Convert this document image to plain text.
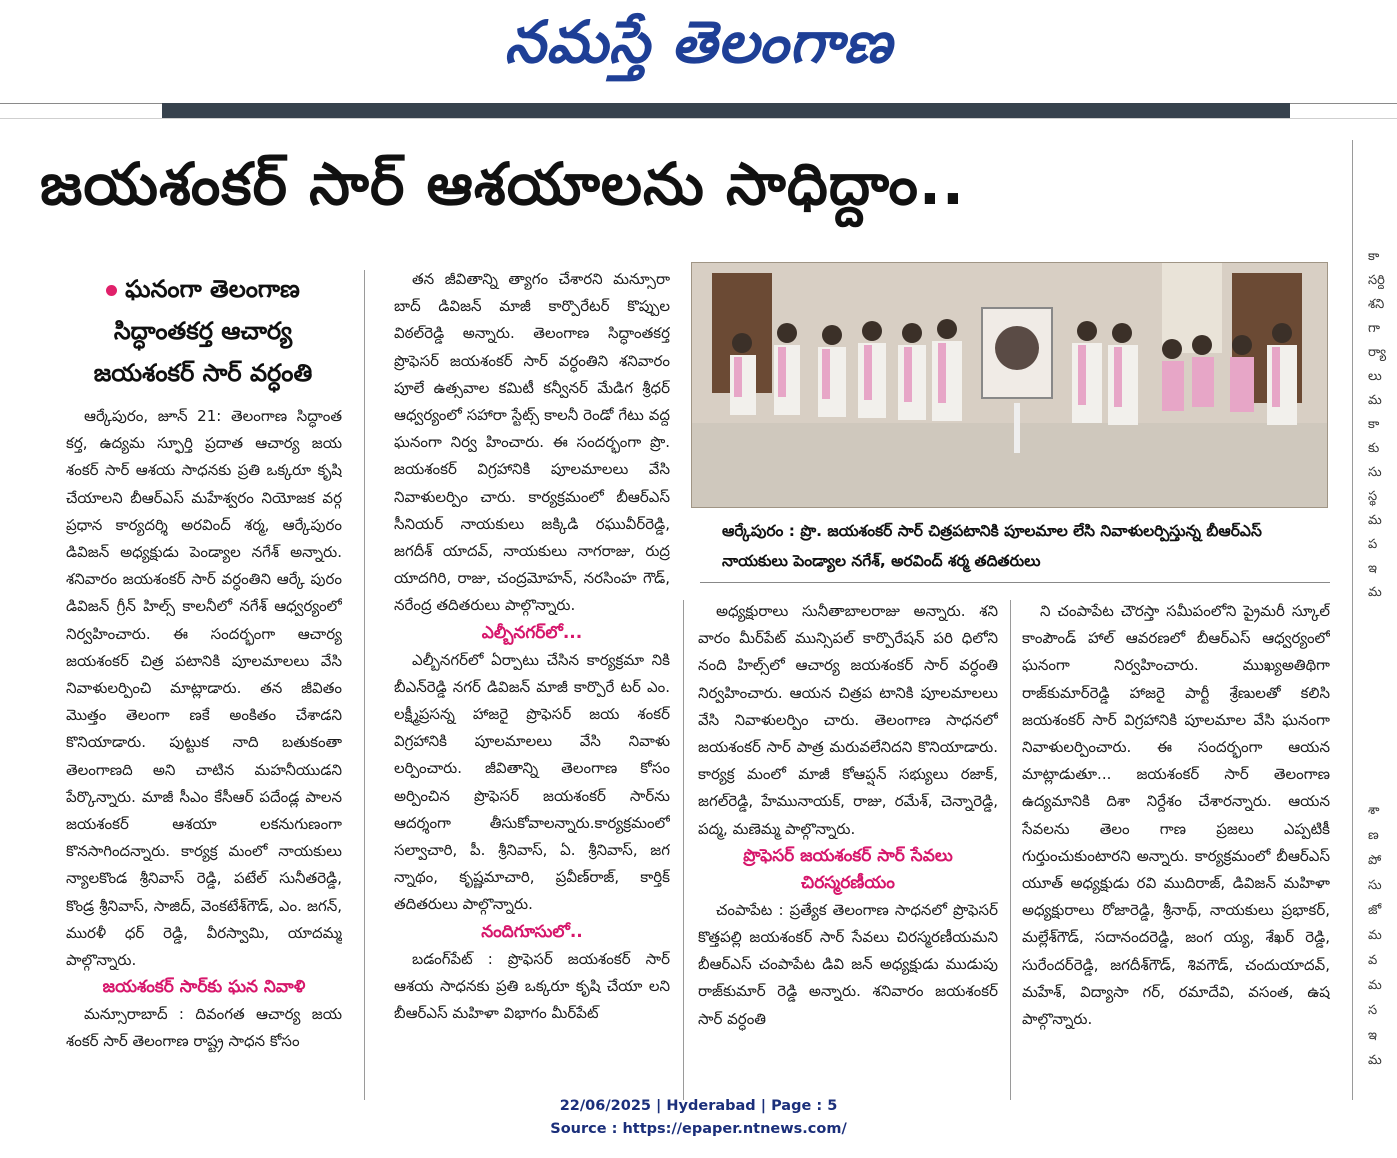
నమస్తే తెలంగాణ
జయశంకర్ సార్ ఆశయాలను సాధిద్దాం..
ఘనంగా తెలంగాణ
సిద్ధాంతకర్త ఆచార్య
జయశంకర్ సార్ వర్ధంతి

ఆర్కేపురం, జూన్ 21: తెలంగాణ సిద్ధాంత కర్త, ఉద్యమ స్ఫూర్తి ప్రదాత ఆచార్య జయ శంకర్ సార్ ఆశయ సాధనకు ప్రతి ఒక్కరూ కృషి చేయాలని బీఆర్ఎస్ మహేశ్వరం నియోజక వర్గ ప్రధాన కార్యదర్శి అరవింద్ శర్మ, ఆర్కేపురం డివిజన్ అధ్యక్షుడు పెండ్యాల నగేశ్ అన్నారు. శనివారం జయశంకర్ సార్ వర్ధంతిని ఆర్కే పురం డివిజన్ గ్రీన్ హిల్స్ కాలనీలో నగేశ్ ఆధ్వర్యంలో నిర్వహించారు. ఈ సందర్భంగా ఆచార్య జయశంకర్ చిత్ర పటానికి పూలమాలలు వేసి నివాళులర్పించి మాట్లాడారు. తన జీవితం మొత్తం తెలంగా ణకే అంకితం చేశాడని కొనియాడారు. పుట్టుక నాది బతుకంతా తెలంగాణది అని చాటిన మహనీయుడని పేర్కొన్నారు. మాజీ సీఎం కేసీఆర్ పదేండ్ల పాలన జయశంకర్ ఆశయా లకనుగుణంగా కొనసాగిందన్నారు. కార్యక్ర మంలో నాయకులు న్యాలకొండ శ్రీనివాస్ రెడ్డి, పటేల్ సునీతరెడ్డి, కొండ్ర శ్రీనివాస్, సాజిద్, వెంకటేశ్‌గౌడ్, ఎం. జగన్, మురళీ ధర్ రెడ్డి, వీరస్వామి, యాదమ్మ పాల్గొన్నారు.

జయశంకర్ సార్‌కు ఘన నివాళి

మన్సూరాబాద్ : దివంగత ఆచార్య జయ శంకర్ సార్ తెలంగాణ రాష్ట్ర సాధన కోసం

తన జీవితాన్ని త్యాగం చేశారని మన్సూరా బాద్ డివిజన్ మాజీ కార్పొరేటర్ కొప్పుల విఠల్‌రెడ్డి అన్నారు. తెలంగాణ సిద్ధాంతకర్త ప్రొఫెసర్ జయశంకర్ సార్ వర్ధంతిని శనివారం పూలే ఉత్సవాల కమిటీ కన్వీనర్ మేడిగ శ్రీధర్ ఆధ్వర్యంలో సహారా స్టేట్స్ కాలనీ రెండో గేటు వద్ద ఘనంగా నిర్వ హించారు. ఈ సందర్భంగా ప్రొ. జయశంకర్ విగ్రహానికి పూలమాలలు వేసి నివాళులర్పిం చారు. కార్యక్రమంలో బీఆర్ఎస్ సీనియర్ నాయకులు జక్కిడి రఘువీర్‌రెడ్డి, జగదీశ్ యాదవ్, నాయకులు నాగరాజు, రుద్ర యాదగిరి, రాజు, చంద్రమోహన్, నరసింహ గౌడ్, నరేంద్ర తదితరులు పాల్గొన్నారు.

ఎల్బీనగర్‌లో...

ఎల్బీనగర్‌లో ఏర్పాటు చేసిన కార్యక్రమా నికి బీఎన్‌రెడ్డి నగర్ డివిజన్ మాజీ కార్పొరే టర్ ఎం. లక్ష్మీప్రసన్న హాజరై ప్రొఫెసర్ జయ శంకర్ విగ్రహానికి పూలమాలలు వేసి నివాళు లర్పించారు. జీవితాన్ని తెలంగాణ కోసం అర్పించిన ప్రొఫెసర్ జయశంకర్ సార్‌ను ఆదర్శంగా తీసుకోవాలన్నారు.కార్యక్రమంలో సల్వాచారి, పీ. శ్రీనివాస్, ఏ. శ్రీనివాస్, జగ న్నాథం, కృష్ణమాచారి, ప్రవీణ్‌రాజ్, కార్తిక్ తదితరులు పాల్గొన్నారు.

నందిగూసులో..

బడంగ్‌పేట్ : ప్రొఫెసర్ జయశంకర్ సార్ ఆశయ సాధనకు ప్రతి ఒక్కరూ కృషి చేయా లని బీఆర్ఎస్ మహిళా విభాగం మీర్‌పేట్

ఆర్కేపురం : ప్రొ. జయశంకర్ సార్ చిత్రపటానికి పూలమాల లేసి నివాళులర్పిస్తున్న బీఆర్ఎస్ నాయకులు పెండ్యాల నగేశ్, అరవింద్ శర్మ తదితరులు

అధ్యక్షురాలు సునీతాబాలరాజు అన్నారు. శని వారం మీర్‌పేట్ మున్సిపల్ కార్పొరేషన్ పరి ధిలోని నంది హిల్స్‌లో ఆచార్య జయశంకర్ సార్ వర్ధంతి నిర్వహించారు. ఆయన చిత్రప టానికి పూలమాలలు వేసి నివాళులర్పిం చారు. తెలంగాణ సాధనలో జయశంకర్ సార్ పాత్ర మరువలేనిదని కొనియాడారు. కార్యక్ర మంలో మాజీ కోఆప్షన్ సభ్యులు రజాక్, జగల్‌రెడ్డి, హేమునాయక్, రాజు, రమేశ్, చెన్నారెడ్డి, పద్మ, మణెమ్మ పాల్గొన్నారు.

ప్రొఫెసర్ జయశంకర్ సార్ సేవలు
చిరస్మరణీయం

చంపాపేట : ప్రత్యేక తెలంగాణ సాధనలో ప్రొఫెసర్ కొత్తపల్లి జయశంకర్ సార్ సేవలు చిరస్మరణీయమని బీఆర్ఎస్ చంపాపేట డివి జన్ అధ్యక్షుడు ముడుపు రాజ్‌కుమార్ రెడ్డి అన్నారు. శనివారం జయశంకర్ సార్ వర్ధంతి

ని చంపాపేట చౌరస్తా సమీపంలోని ప్రైమరీ స్కూల్ కాంపౌండ్ హాల్ ఆవరణలో బీఆర్ఎస్ ఆధ్వర్యంలో ఘనంగా నిర్వహించారు. ముఖ్యఅతిథిగా రాజ్‌కుమార్‌రెడ్డి హాజరై పార్టీ శ్రేణులతో కలిసి జయశంకర్ సార్ విగ్రహానికి పూలమాల వేసి ఘనంగా నివాళులర్పించారు. ఈ సందర్భంగా ఆయన మాట్లాడుతూ... జయశంకర్ సార్ తెలంగాణ ఉద్యమానికి దిశా నిర్దేశం చేశారన్నారు. ఆయన సేవలను తెలం గాణ ప్రజలు ఎప్పటికీ గుర్తుంచుకుంటారని అన్నారు. కార్యక్రమంలో బీఆర్ఎస్ యూత్ అధ్యక్షుడు రవి ముదిరాజ్, డివిజన్ మహిళా అధ్యక్షురాలు రోజారెడ్డి, శ్రీనాథ్, నాయకులు ప్రభాకర్, మల్లేశ్‌గౌడ్, సదానందరెడ్డి, జంగ య్య, శేఖర్ రెడ్డి, సురేందర్‌రెడ్డి, జగదీశ్‌గౌడ్, శివగౌడ్, చందుయాదవ్, మహేశ్, విద్యాసా గర్, రమాదేవి, వసంత, ఉష పాల్గొన్నారు.

కా
సర్ది
శని
గా
ర్యా
లు
మ
కా
కు
సు
స్థ
మ
ప
ఇ
మ
శా
ణ
పో
సు
జో
మ
వ
మ
స
ఇ
మ
22/06/2025 | Hyderabad | Page : 5
Source : https://epaper.ntnews.com/
